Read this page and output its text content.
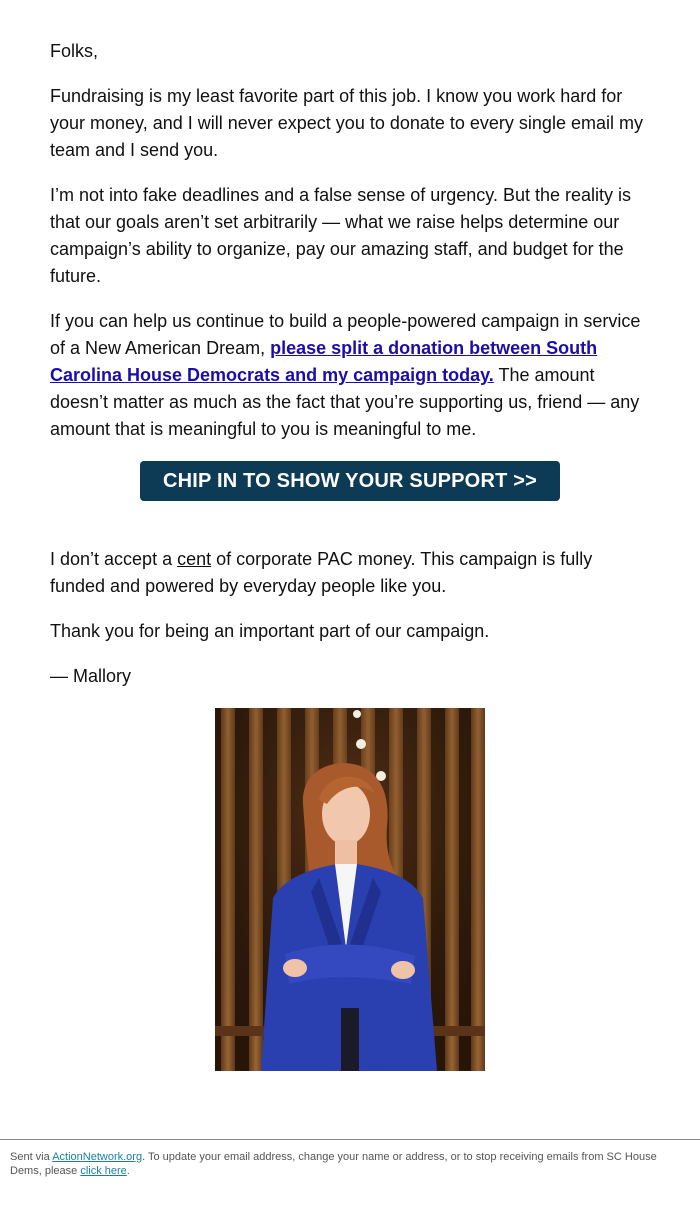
Folks,

Fundraising is my least favorite part of this job. I know you work hard for your money, and I will never expect you to donate to every single email my team and I send you.

I’m not into fake deadlines and a false sense of urgency. But the reality is that our goals aren’t set arbitrarily — what we raise helps determine our campaign’s ability to organize, pay our amazing staff, and budget for the future.

If you can help us continue to build a people-powered campaign in service of a New American Dream, please split a donation between South Carolina House Democrats and my campaign today. The amount doesn’t matter as much as the fact that you’re supporting us, friend — any amount that is meaningful to you is meaningful to me.

CHIP IN TO SHOW YOUR SUPPORT >>

I don’t accept a cent of corporate PAC money. This campaign is fully funded and powered by everyday people like you.

Thank you for being an important part of our campaign.

— Mallory

Sent via ActionNetwork.org. To update your email address, change your name or address, or to stop receiving emails from SC House Dems, please click here.
